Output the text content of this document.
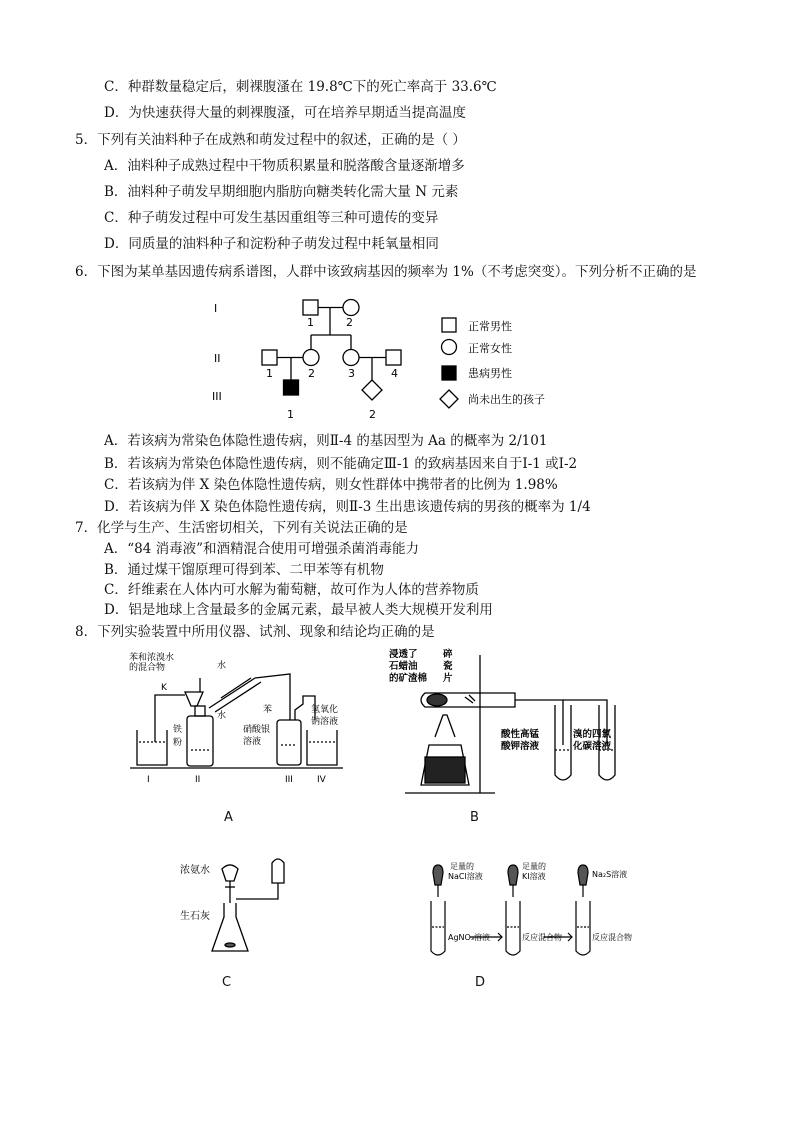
C．种群数量稳定后，刺裸腹溞在 19.8℃下的死亡率高于 33.6℃
D．为快速获得大量的刺裸腹溞，可在培养早期适当提高温度
5．下列有关油料种子在成熟和萌发过程中的叙述，正确的是（ ）
A．油料种子成熟过程中干物质积累量和脱落酸含量逐渐增多
B．油料种子萌发早期细胞内脂肪向糖类转化需大量 N 元素
C．种子萌发过程中可发生基因重组等三种可遗传的变异
D．同质量的油料种子和淀粉种子萌发过程中耗氧量相同
6．下图为某单基因遗传病系谱图，人群中该致病基因的频率为 1%（不考虑突变）。下列分析不正确的是
I
II
III
1	2
1	2	3	4
1	2
正常男性
正常女性
患病男性
尚未出生的孩子
A．若该病为常染色体隐性遗传病，则Ⅱ-4 的基因型为 Aa 的概率为 2/101
B．若该病为常染色体隐性遗传病，则不能确定Ⅲ-1 的致病基因来自于Ⅰ-1 或Ⅰ-2
C．若该病为伴 X 染色体隐性遗传病，则女性群体中携带者的比例为 1.98%
D．若该病为伴 X 染色体隐性遗传病，则Ⅱ-3 生出患该遗传病的男孩的概率为 1/4
7．化学与生产、生活密切相关，下列有关说法正确的是
A．“84 消毒液”和酒精混合使用可增强杀菌消毒能力
B．通过煤干馏原理可得到苯、二甲苯等有机物
C．纤维素在人体内可水解为葡萄糖，故可作为人体的营养物质
D．铝是地球上含量最多的金属元素，最早被人类大规模开发利用
8．下列实验装置中所用仪器、试剂、现象和结论均正确的是
苯和浓溴水
的混合物	水
水
K
铁
粉
苯
硝酸银
溶液
氢氧化
钠溶液
I	II	III	IV
A
浸透了
石蜡油
的矿渣棉
碎
瓷
片
酸性高锰
酸钾溶液
溴的四氯
化碳溶液
B
浓氨水
生石灰
C
足量的
NaCl溶液
足量的
KI溶液	Na₂S溶液
AgNO₃溶液	反应混合物	反应混合物
D
